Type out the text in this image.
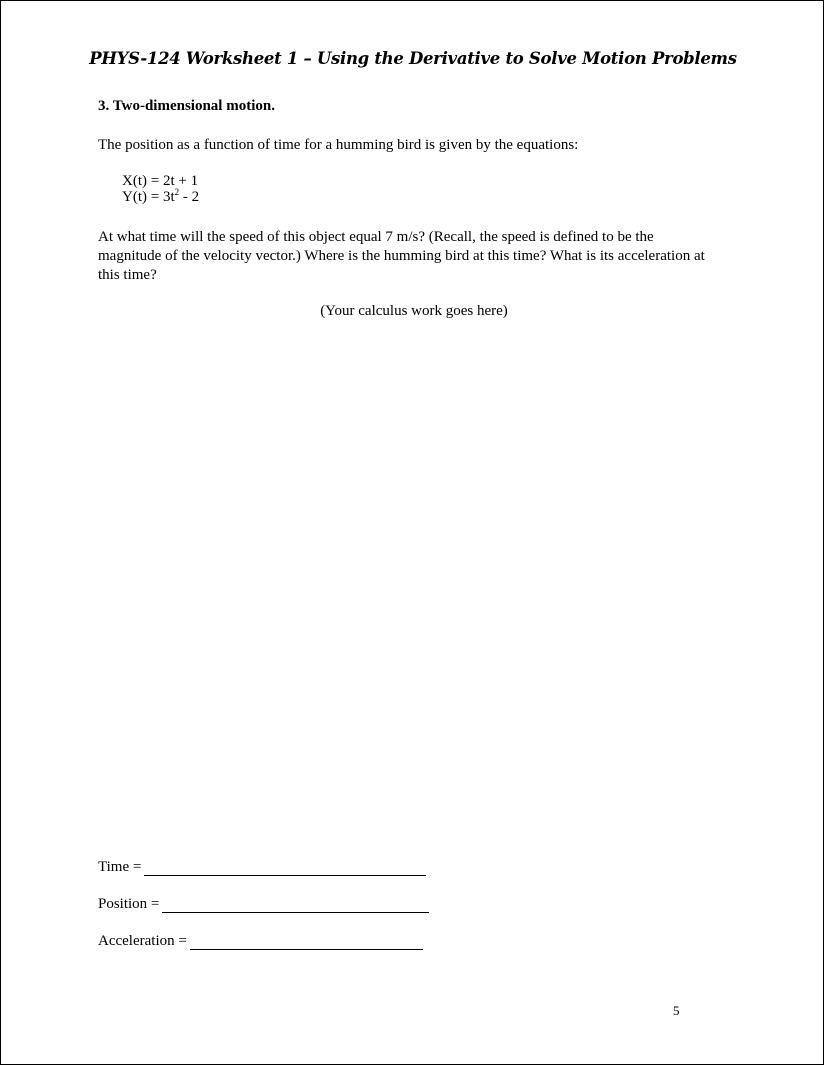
PHYS-124 Worksheet 1 – Using the Derivative to Solve Motion Problems
3. Two-dimensional motion.
The position as a function of time for a humming bird is given by the equations:
X(t) = 2t + 1
$Y(t) = 3t^2 - 2$
At what time will the speed of this object equal 7 m/s? (Recall, the speed is defined to be the magnitude of the velocity vector.) Where is the humming bird at this time? What is its acceleration at this time?
(Your calculus work goes here)
Time =
Position =
Acceleration =
5
